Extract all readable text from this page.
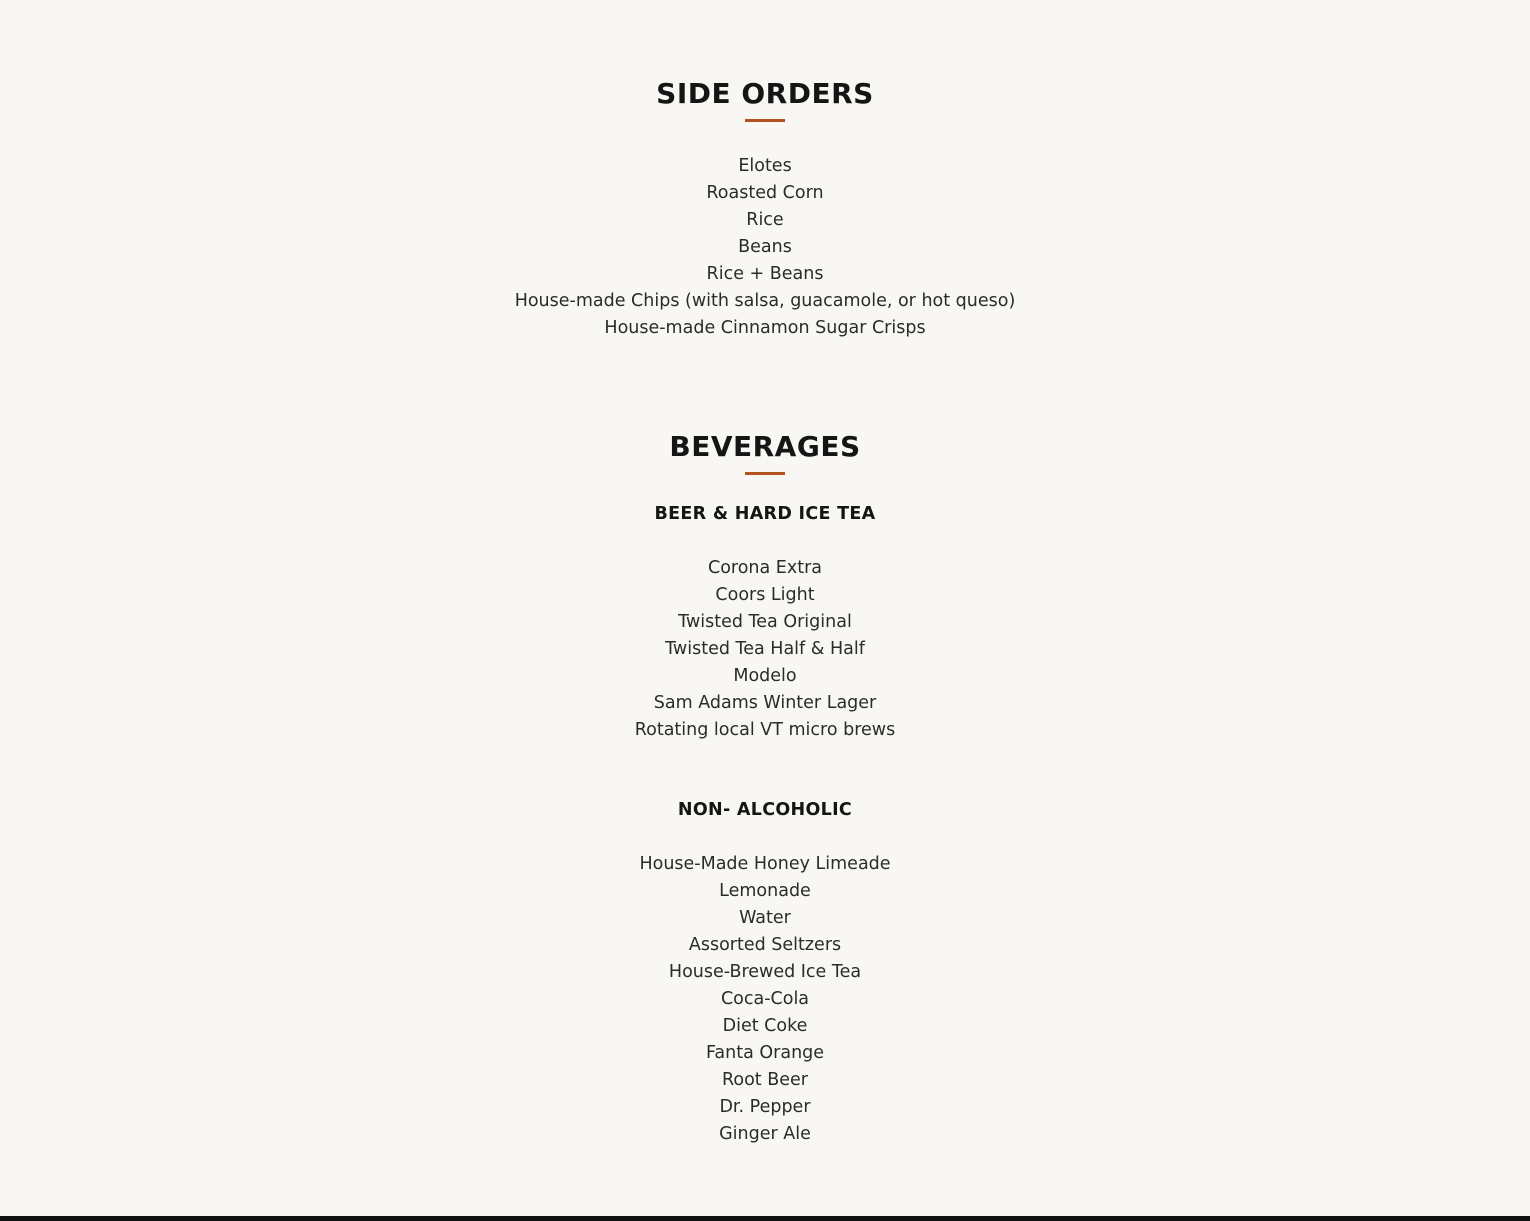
SIDE ORDERS
Elotes
Roasted Corn
Rice
Beans
Rice + Beans
House-made Chips (with salsa, guacamole, or hot queso)
House-made Cinnamon Sugar Crisps
BEVERAGES
BEER & HARD ICE TEA
Corona Extra
Coors Light
Twisted Tea Original
Twisted Tea Half & Half
Modelo
Sam Adams Winter Lager
Rotating local VT micro brews
NON- ALCOHOLIC
House-Made Honey Limeade
Lemonade
Water
Assorted Seltzers
House-Brewed Ice Tea
Coca-Cola
Diet Coke
Fanta Orange
Root Beer
Dr. Pepper
Ginger Ale
